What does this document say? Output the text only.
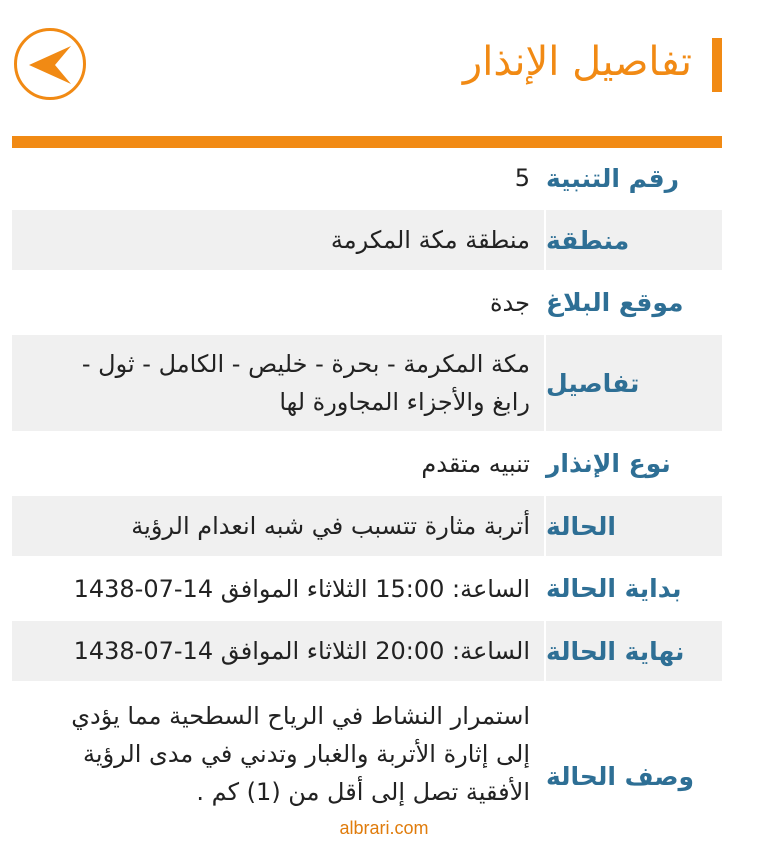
تفاصيل الإنذار
رقم التنبية
5
منطقة
منطقة مكة المكرمة
موقع البلاغ
جدة
تفاصيل
مكة المكرمة - بحرة - خليص - الكامل - ثول - رابغ والأجزاء المجاورة لها
نوع الإنذار
تنبيه متقدم
الحالة
أتربة مثارة تتسبب في شبه انعدام الرؤية
بداية الحالة
الساعة: 15:00 الثلاثاء الموافق 14-07-1438
نهاية الحالة
الساعة: 20:00 الثلاثاء الموافق 14-07-1438
وصف الحالة
استمرار النشاط في الرياح السطحية مما يؤدي إلى إثارة الأتربة والغبار وتدني في مدى الرؤية الأفقية تصل إلى أقل من (1) كم .
albrari.com
